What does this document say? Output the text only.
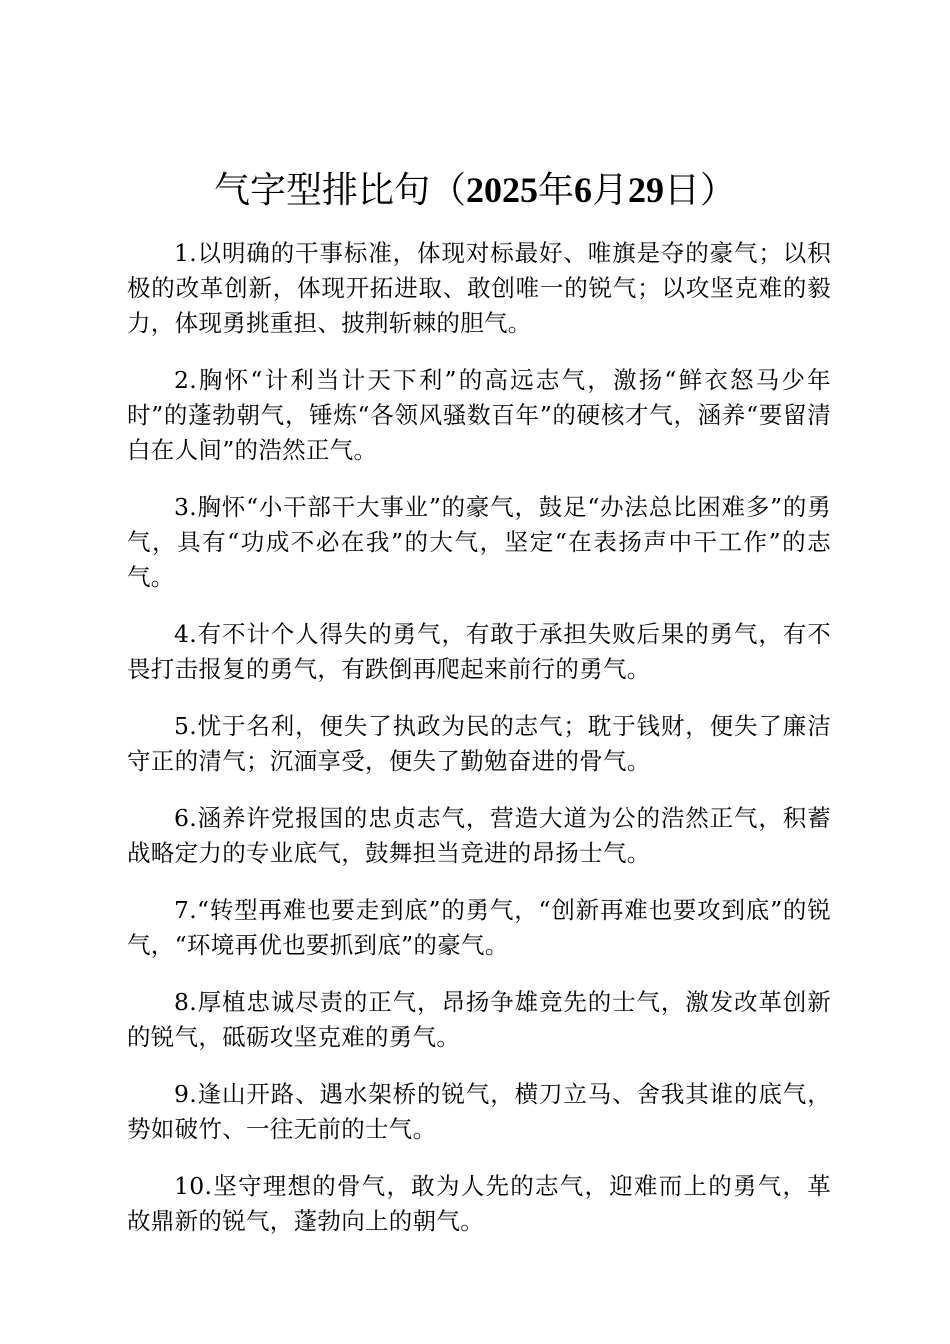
气字型排比句（2025年6月29日）

1.以明确的干事标准，体现对标最好、唯旗是夺的豪气；以积极的改革创新，体现开拓进取、敢创唯一的锐气；以攻坚克难的毅力，体现勇挑重担、披荆斩棘的胆气。

2.胸怀“计利当计天下利”的高远志气，激扬“鲜衣怒马少年时”的蓬勃朝气，锤炼“各领风骚数百年”的硬核才气，涵养“要留清白在人间”的浩然正气。

3.胸怀“小干部干大事业”的豪气，鼓足“办法总比困难多”的勇气，具有“功成不必在我”的大气，坚定“在表扬声中干工作”的志气。

4.有不计个人得失的勇气，有敢于承担失败后果的勇气，有不畏打击报复的勇气，有跌倒再爬起来前行的勇气。

5.忧于名利，便失了执政为民的志气；耽于钱财，便失了廉洁守正的清气；沉湎享受，便失了勤勉奋进的骨气。

6.涵养许党报国的忠贞志气，营造大道为公的浩然正气，积蓄战略定力的专业底气，鼓舞担当竞进的昂扬士气。

7.“转型再难也要走到底”的勇气，“创新再难也要攻到底”的锐气，“环境再优也要抓到底”的豪气。

8.厚植忠诚尽责的正气，昂扬争雄竞先的士气，激发改革创新的锐气，砥砺攻坚克难的勇气。

9.逢山开路、遇水架桥的锐气，横刀立马、舍我其谁的底气，势如破竹、一往无前的士气。

10.坚守理想的骨气，敢为人先的志气，迎难而上的勇气，革故鼎新的锐气，蓬勃向上的朝气。
